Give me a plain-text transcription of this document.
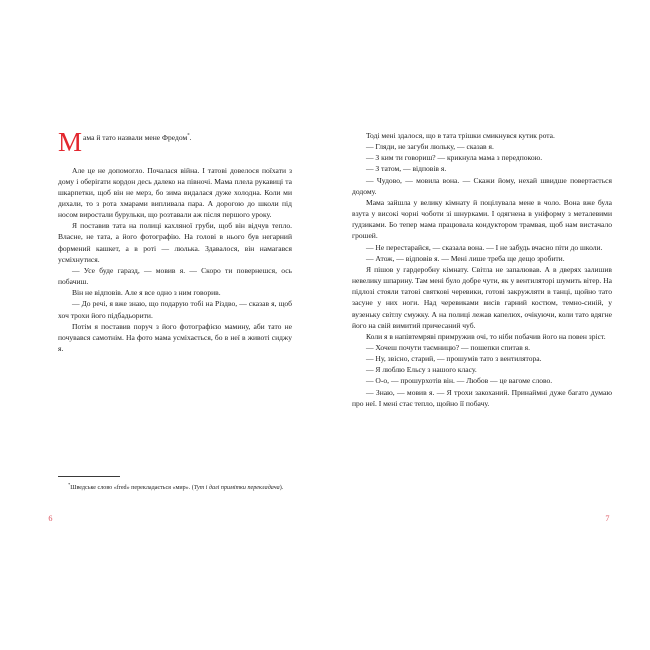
Мама й тато назвали мене Фредом*.

Але це не допомогло. Почалася війна. І татові довелося поїхати з дому і оберігати кордон десь далеко на півночі. Мама плела рукавиці та шкарпетки, щоб він не мерз, бо зима видалася дуже холодна. Коли ми дихали, то з рота хмарами випливала пара. А дорогою до школи під носом виростали бурульки, що розтавали аж після першого уроку.

Я поставив тата на полиці кахляної груби, щоб він відчув тепло. Власне, не тата, а його фотографію. На голові в нього був негарний формений кашкет, а в роті — люлька. Здавалося, він намагався усміхнутися.

— Усе буде гаразд, — мовив я. — Скоро ти повернешся, ось побачиш.

Він не відповів. Але я все одно з ним говорив.

— До речі, я вже знаю, що подарую тобі на Різдво, — сказав я, щоб хоч трохи його підбадьорити.

Потім я поставив поруч з його фотографією мамину, аби тато не почувався самотнім. На фото мама усміхається, бо в неї в животі сиджу я.

*Шведське слово «fred» перекладається «мир». (Тут і далі примітки перекладача).

6

Тоді мені здалося, що в тата трішки смикнувся кутик рота.

— Гляди, не загуби люльку, — сказав я.

— З ким ти говориш? — крикнула мама з передпокою.

— З татом, — відповів я.

— Чудово, — мовила вона. — Скажи йому, нехай швидше повертається додому.

Мама зайшла у велику кімнату й поцілувала мене в чоло. Вона вже була взута у високі чорні чоботи зі шнурками. І одягнена в уніформу з металевими ґудзиками. Бо тепер мама працювала кондуктором трамвая, щоб нам вистачало грошей.

— Не перестарайся, — сказала вона. — І не забудь вчасно піти до школи.

— Атож, — відповів я. — Мені лише треба ще дещо зробити.

Я пішов у гардеробну кімнату. Світла не запалював. А в дверях залишив невелику шпарину. Там мені було добре чути, як у вентиляторі шумить вітер. На підлозі стояли татові святкові черевики, готові закружляти в танці, щойно тато засуне у них ноги. Над черевиками висів гарний костюм, темно-синій, у вузеньку світлу смужку. А на полиці лежав капелюх, очікуючи, коли тато вдягне його на свій вимитий причесаний чуб.

Коли я в напівтемряві примружив очі, то ніби побачив його на повен зріст.

— Хочеш почути таємницю? — пошепки спитав я.

— Ну, звісно, старий, — прошумів тато з вентилятора.

— Я люблю Ельсу з нашого класу.

— О-о, — прошурхотів він. — Любов — це вагоме слово.

— Знаю, — мовив я. — Я трохи закоханий. Принаймні дуже багато думаю про неї. І мені стає тепло, щойно її побачу.

7
